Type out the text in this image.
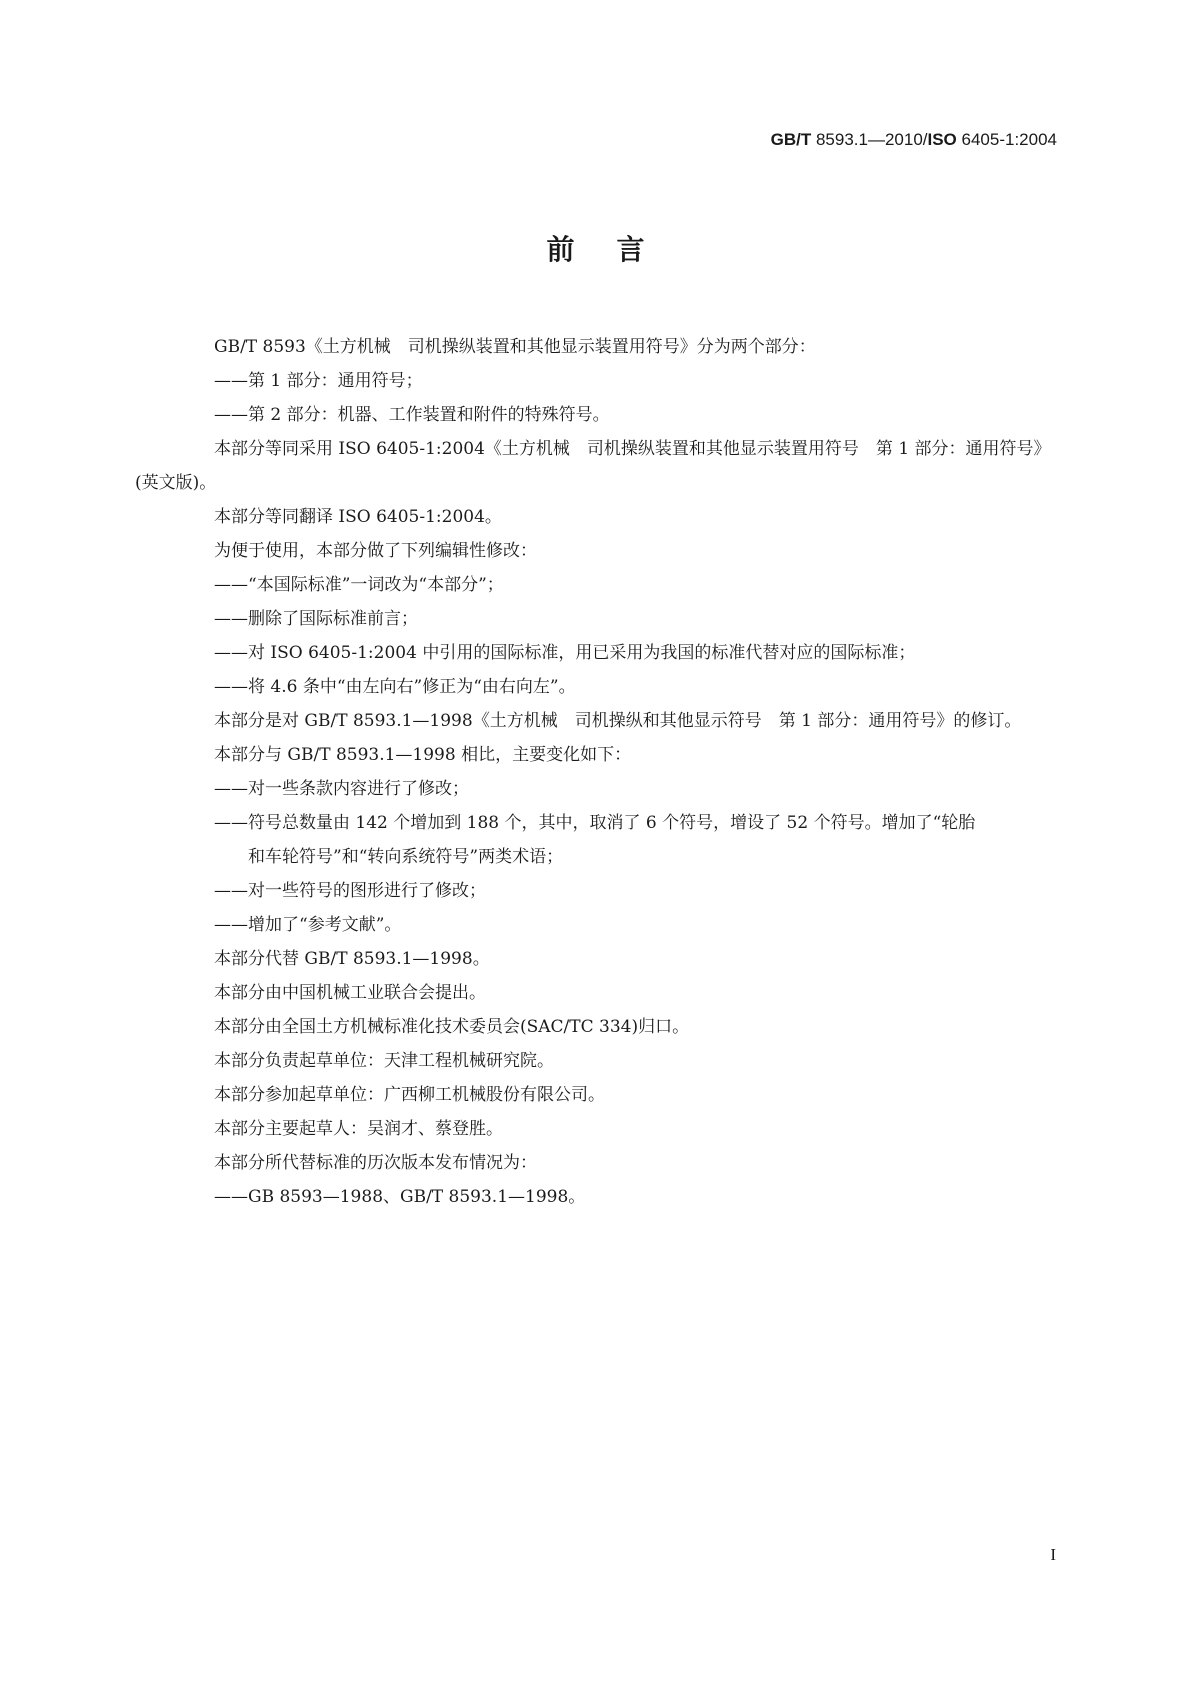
GB/T 8593.1—2010/ISO 6405-1:2004
前言

GB/T 8593《土方机械　司机操纵装置和其他显示装置用符号》分为两个部分：

——第 1 部分：通用符号；

——第 2 部分：机器、工作装置和附件的特殊符号。

本部分等同采用 ISO 6405-1:2004《土方机械　司机操纵装置和其他显示装置用符号　第 1 部分：通用符号》(英文版)。

本部分等同翻译 ISO 6405-1:2004。

为便于使用，本部分做了下列编辑性修改：

——“本国际标准”一词改为“本部分”；

——删除了国际标准前言；

——对 ISO 6405-1:2004 中引用的国际标准，用已采用为我国的标准代替对应的国际标准；

——将 4.6 条中“由左向右”修正为“由右向左”。

本部分是对 GB/T 8593.1—1998《土方机械　司机操纵和其他显示符号　第 1 部分：通用符号》的修订。

本部分与 GB/T 8593.1—1998 相比，主要变化如下：

——对一些条款内容进行了修改；

——符号总数量由 142 个增加到 188 个，其中，取消了 6 个符号，增设了 52 个符号。增加了“轮胎

和车轮符号”和“转向系统符号”两类术语；

——对一些符号的图形进行了修改；

——增加了“参考文献”。

本部分代替 GB/T 8593.1—1998。

本部分由中国机械工业联合会提出。

本部分由全国土方机械标准化技术委员会(SAC/TC 334)归口。

本部分负责起草单位：天津工程机械研究院。

本部分参加起草单位：广西柳工机械股份有限公司。

本部分主要起草人：吴润才、蔡登胜。

本部分所代替标准的历次版本发布情况为：

——GB 8593—1988、GB/T 8593.1—1998。

I
